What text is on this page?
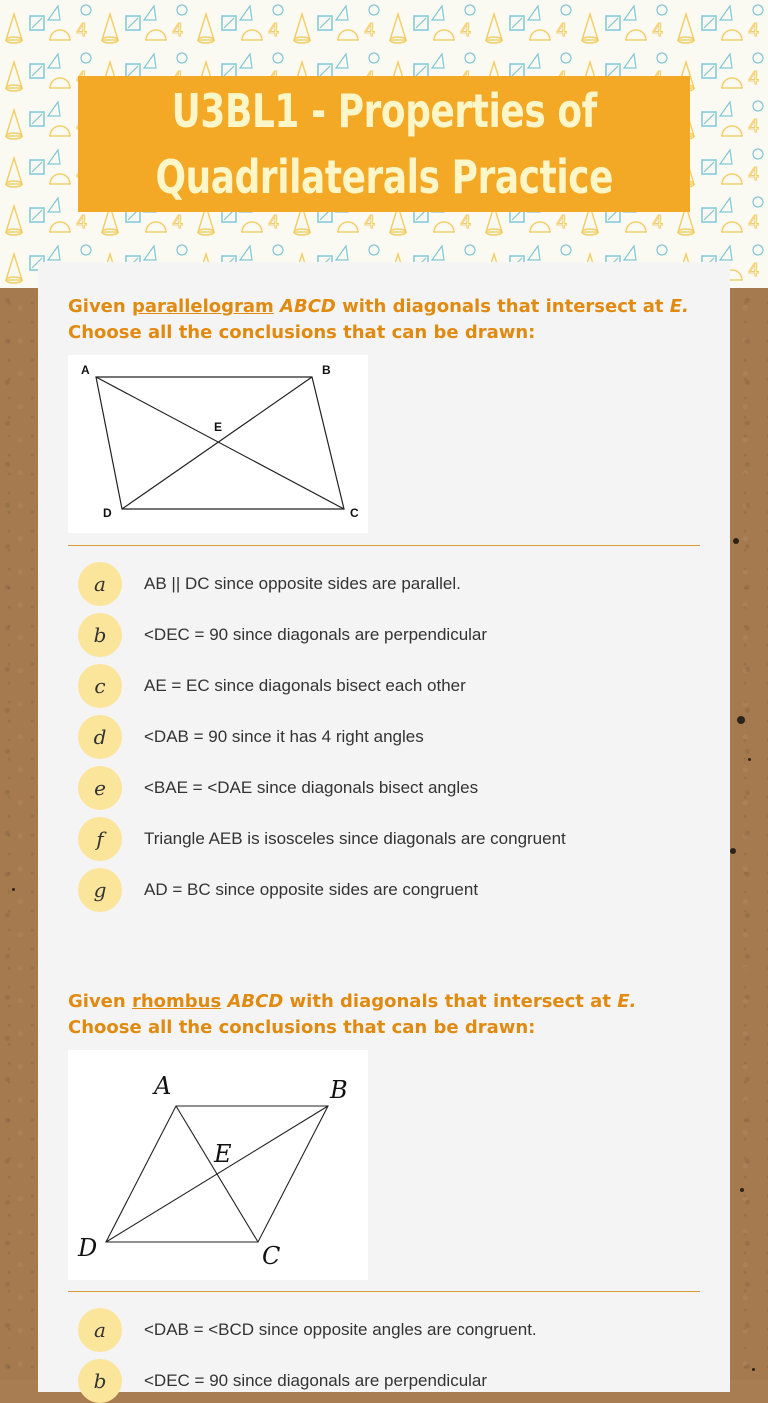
U3BL1 - Properties of
Quadrilaterals Practice
Given parallelogram ABCD with diagonals that intersect at E. Choose all the conclusions that can be drawn:
A	B
C
D
E
a	AB || DC since opposite sides are parallel.
b	<DEC = 90 since diagonals are perpendicular
c	AE = EC since diagonals bisect each other
d	<DAB = 90 since it has 4 right angles
e	<BAE = <DAE since diagonals bisect angles
f	Triangle AEB is isosceles since diagonals are congruent
g	AD = BC since opposite sides are congruent
Given rhombus ABCD with diagonals that intersect at E. Choose all the conclusions that can be drawn:
A	B
C
D
E
a	<DAB = <BCD since opposite angles are congruent.
b	<DEC = 90 since diagonals are perpendicular
